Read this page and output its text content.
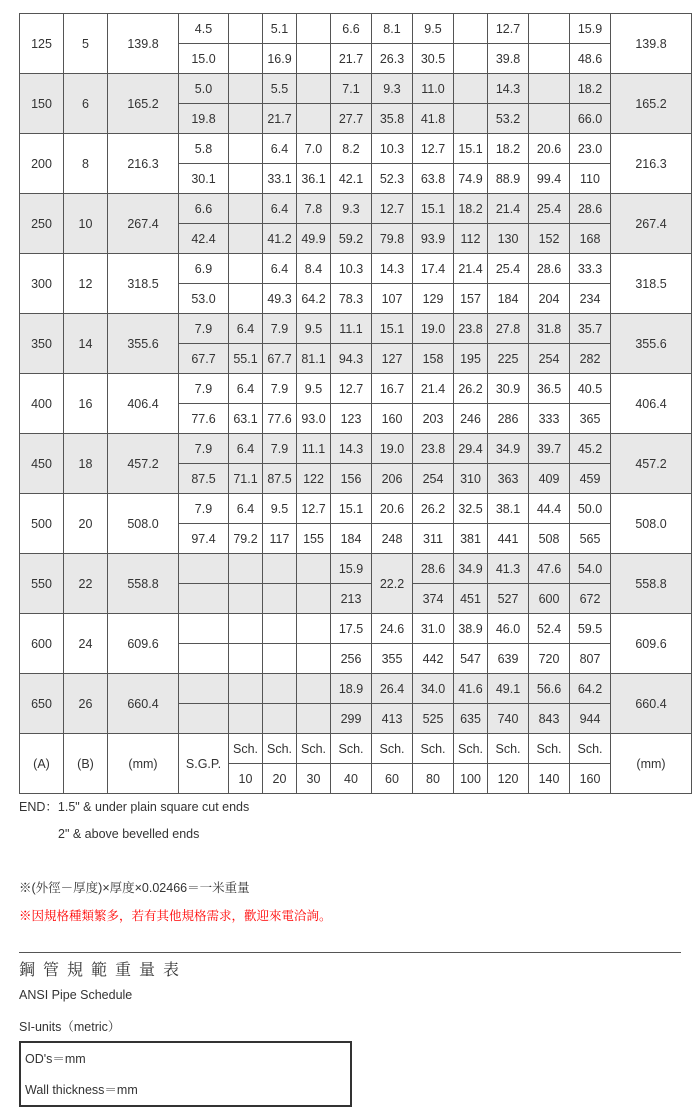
125	5	139.8	4.5		5.1		6.6	8.1	9.5		12.7		15.9	139.8
			15.0		16.9		21.7	26.3	30.5		39.8		48.6	
150	6	165.2	5.0		5.5		7.1	9.3	11.0		14.3		18.2	165.2
			19.8		21.7		27.7	35.8	41.8		53.2		66.0	
200	8	216.3	5.8		6.4	7.0	8.2	10.3	12.7	15.1	18.2	20.6	23.0	216.3
			30.1		33.1	36.1	42.1	52.3	63.8	74.9	88.9	99.4	110	
250	10	267.4	6.6		6.4	7.8	9.3	12.7	15.1	18.2	21.4	25.4	28.6	267.4
			42.4		41.2	49.9	59.2	79.8	93.9	112	130	152	168	
300	12	318.5	6.9		6.4	8.4	10.3	14.3	17.4	21.4	25.4	28.6	33.3	318.5
			53.0		49.3	64.2	78.3	107	129	157	184	204	234	
350	14	355.6	7.9	6.4	7.9	9.5	11.1	15.1	19.0	23.8	27.8	31.8	35.7	355.6
			67.7	55.1	67.7	81.1	94.3	127	158	195	225	254	282	
400	16	406.4	7.9	6.4	7.9	9.5	12.7	16.7	21.4	26.2	30.9	36.5	40.5	406.4
			77.6	63.1	77.6	93.0	123	160	203	246	286	333	365	
450	18	457.2	7.9	6.4	7.9	11.1	14.3	19.0	23.8	29.4	34.9	39.7	45.2	457.2
			87.5	71.1	87.5	122	156	206	254	310	363	409	459	
500	20	508.0	7.9	6.4	9.5	12.7	15.1	20.6	26.2	32.5	38.1	44.4	50.0	508.0
			97.4	79.2	117	155	184	248	311	381	441	508	565	
550	22	558.8					15.9	22.2	28.6	34.9	41.3	47.6	54.0	558.8
							213		374	451	527	600	672	
600	24	609.6					17.5	24.6	31.0	38.9	46.0	52.4	59.5	609.6
							256	355	442	547	639	720	807	
650	26	660.4					18.9	26.4	34.0	41.6	49.1	56.6	64.2	660.4
							299	413	525	635	740	843	944	
(A)	(B)	(mm)	S.G.P.	Sch.	Sch.	Sch.	Sch.	Sch.	Sch.	Sch.	Sch.	Sch.	Sch.	(mm)
				10	20	30	40	60	80	100	120	140	160	
END：1.5" & under plain square cut ends
2" & above bevelled ends
※(外徑－厚度)×厚度×0.02466＝一米重量
※因規格種類繁多，若有其他規格需求，歡迎來電洽詢。
鋼管規範重量表
ANSI Pipe Schedule
SI-units（metric）
OD's＝mm
Wall thickness＝mm
